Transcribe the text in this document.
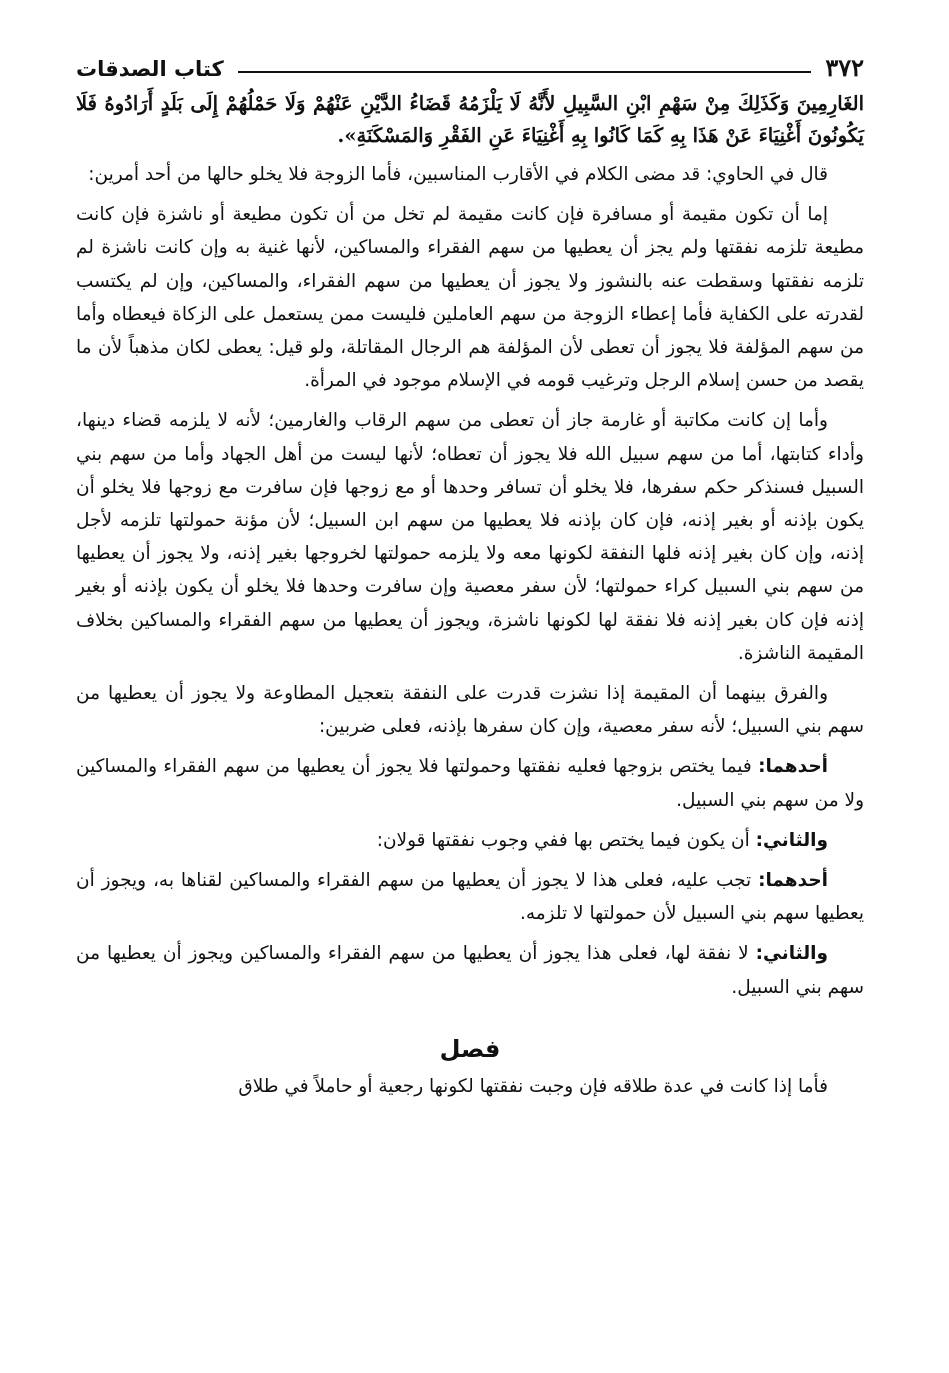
٣٧٢
كتاب الصدقات
الغَارِمِينَ وَكَذَلِكَ مِنْ سَهْمِ ابْنِ السَّبِيلِ لأَنَّهُ لَا يَلْزَمُهُ قَضَاءُ الدَّيْنِ عَنْهُمْ وَلَا حَمْلُهُمْ إِلَى بَلَدٍ أَرَادُوهُ فَلَا يَكُونُونَ أَغْنِيَاءَ عَنْ هَذَا بِهِ كَمَا كَانُوا بِهِ أَغْنِيَاءَ عَنِ الفَقْرِ وَالمَسْكَنَةِ».

قال في الحاوي: قد مضى الكلام في الأقارب المناسبين، فأما الزوجة فلا يخلو حالها من أحد أمرين:

إما أن تكون مقيمة أو مسافرة فإن كانت مقيمة لم تخل من أن تكون مطيعة أو ناشزة فإن كانت مطيعة تلزمه نفقتها ولم يجز أن يعطيها من سهم الفقراء والمساكين، لأنها غنية به وإن كانت ناشزة لم تلزمه نفقتها وسقطت عنه بالنشوز ولا يجوز أن يعطيها من سهم الفقراء، والمساكين، وإن لم يكتسب لقدرته على الكفاية فأما إعطاء الزوجة من سهم العاملين فليست ممن يستعمل على الزكاة فيعطاه وأما من سهم المؤلفة فلا يجوز أن تعطى لأن المؤلفة هم الرجال المقاتلة، ولو قيل: يعطى لكان مذهباً لأن ما يقصد من حسن إسلام الرجل وترغيب قومه في الإسلام موجود في المرأة.

وأما إن كانت مكاتبة أو غارمة جاز أن تعطى من سهم الرقاب والغارمين؛ لأنه لا يلزمه قضاء دينها، وأداء كتابتها، أما من سهم سبيل الله فلا يجوز أن تعطاه؛ لأنها ليست من أهل الجهاد وأما من سهم بني السبيل فسنذكر حكم سفرها، فلا يخلو أن تسافر وحدها أو مع زوجها فإن سافرت مع زوجها فلا يخلو أن يكون بإذنه أو بغير إذنه، فإن كان بإذنه فلا يعطيها من سهم ابن السبيل؛ لأن مؤنة حمولتها تلزمه لأجل إذنه، وإن كان بغير إذنه فلها النفقة لكونها معه ولا يلزمه حمولتها لخروجها بغير إذنه، ولا يجوز أن يعطيها من سهم بني السبيل كراء حمولتها؛ لأن سفر معصية وإن سافرت وحدها فلا يخلو أن يكون بإذنه أو بغير إذنه فإن كان بغير إذنه فلا نفقة لها لكونها ناشزة، ويجوز أن يعطيها من سهم الفقراء والمساكين بخلاف المقيمة الناشزة.

والفرق بينهما أن المقيمة إذا نشزت قدرت على النفقة بتعجيل المطاوعة ولا يجوز أن يعطيها من سهم بني السبيل؛ لأنه سفر معصية، وإن كان سفرها بإذنه، فعلى ضربين:

أحدهما: فيما يختص بزوجها فعليه نفقتها وحمولتها فلا يجوز أن يعطيها من سهم الفقراء والمساكين ولا من سهم بني السبيل.

والثاني: أن يكون فيما يختص بها ففي وجوب نفقتها قولان:

أحدهما: تجب عليه، فعلى هذا لا يجوز أن يعطيها من سهم الفقراء والمساكين لقناها به، ويجوز أن يعطيها سهم بني السبيل لأن حمولتها لا تلزمه.

والثاني: لا نفقة لها، فعلى هذا يجوز أن يعطيها من سهم الفقراء والمساكين ويجوز أن يعطيها من سهم بني السبيل.

فصل

فأما إذا كانت في عدة طلاقه فإن وجبت نفقتها لكونها رجعية أو حاملاً في طلاق
